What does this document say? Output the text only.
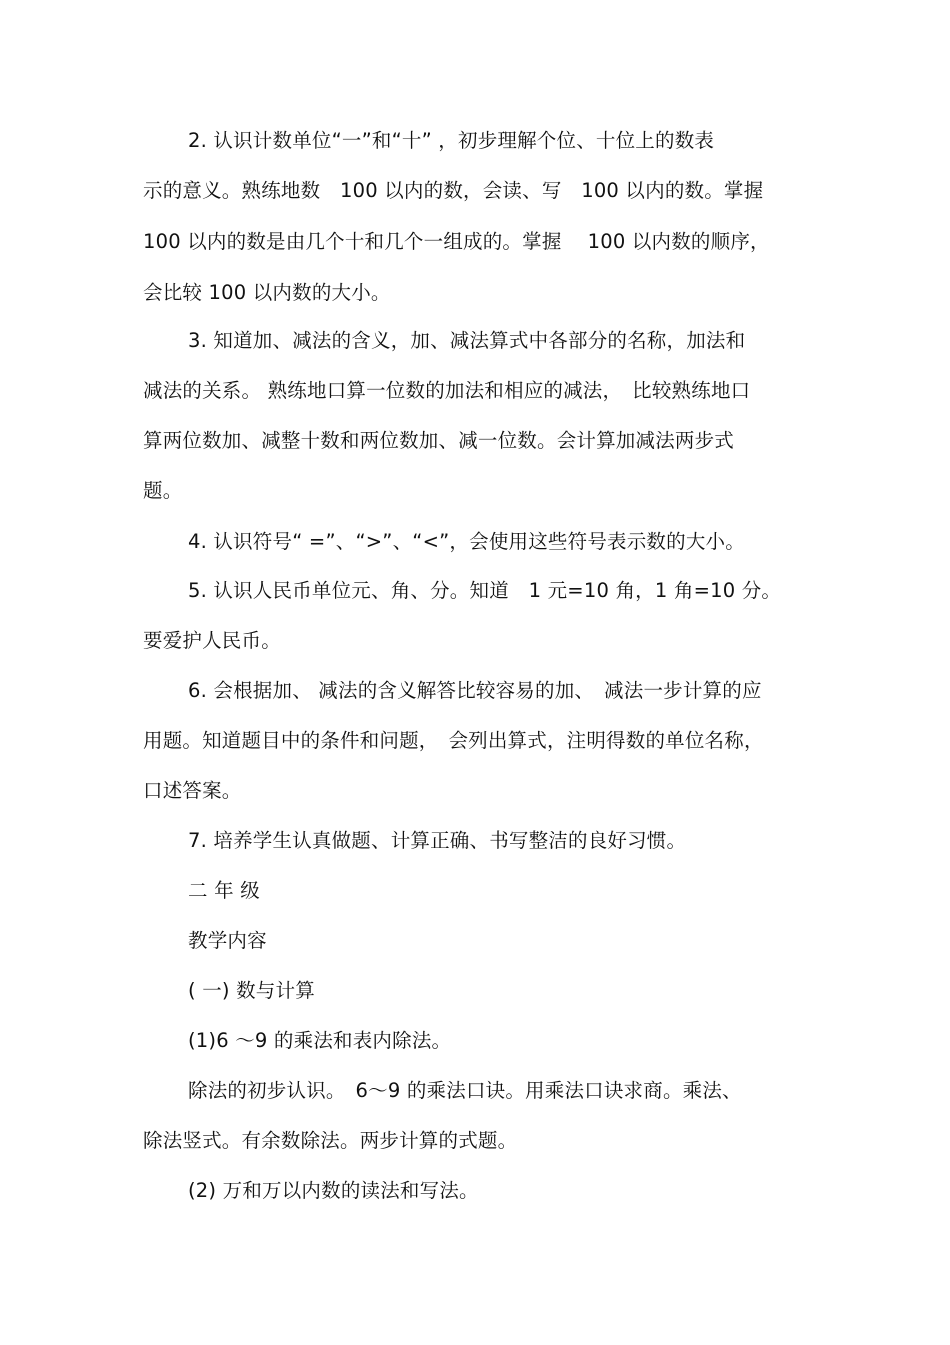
2. 认识计数单位“一”和“十” ，初步理解个位、十位上的数表
示的意义。熟练地数　100 以内的数，会读、写　100 以内的数。掌握
100 以内的数是由几个十和几个一组成的。掌握　 100 以内数的顺序，
会比较 100 以内数的大小。
3. 知道加、减法的含义，加、减法算式中各部分的名称，加法和
减法的关系。 熟练地口算一位数的加法和相应的减法，　比较熟练地口
算两位数加、减整十数和两位数加、减一位数。会计算加减法两步式
题。
4. 认识符号“ =”、“>”、“<”，会使用这些符号表示数的大小。
5. 认识人民币单位元、角、分。知道　1 元=10 角，1 角=10 分。
要爱护人民币。
6. 会根据加、 减法的含义解答比较容易的加、　减法一步计算的应
用题。知道题目中的条件和问题，　会列出算式，注明得数的单位名称，
口述答案。
7. 培养学生认真做题、计算正确、书写整洁的良好习惯。
二 年 级
教学内容
( 一) 数与计算
(1)6 ～9 的乘法和表内除法。
除法的初步认识。　6～9 的乘法口诀。用乘法口诀求商。乘法、
除法竖式。有余数除法。两步计算的式题。
(2) 万和万以内数的读法和写法。
